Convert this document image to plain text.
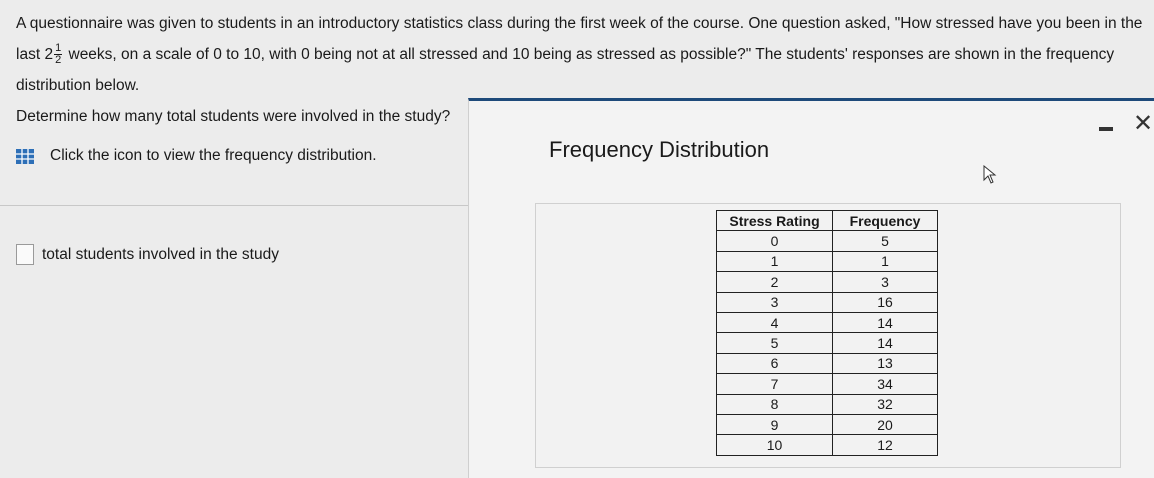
A questionnaire was given to students in an introductory statistics class during the first week of the course. One question asked, "How stressed have you been in the last $2 \frac{1}{2}$ weeks, on a scale of 0 to 10, with 0 being not at all stressed and 10 being as stressed as possible?" The students' responses are shown in the frequency distribution below.
Determine how many total students were involved in the study?
Click the icon to view the frequency distribution.
total students involved in the study
Frequency Distribution
✕
Stress Rating	Frequency
0	5
1	1
2	3
3	16
4	14
5	14
6	13
7	34
8	32
9	20
10	12
